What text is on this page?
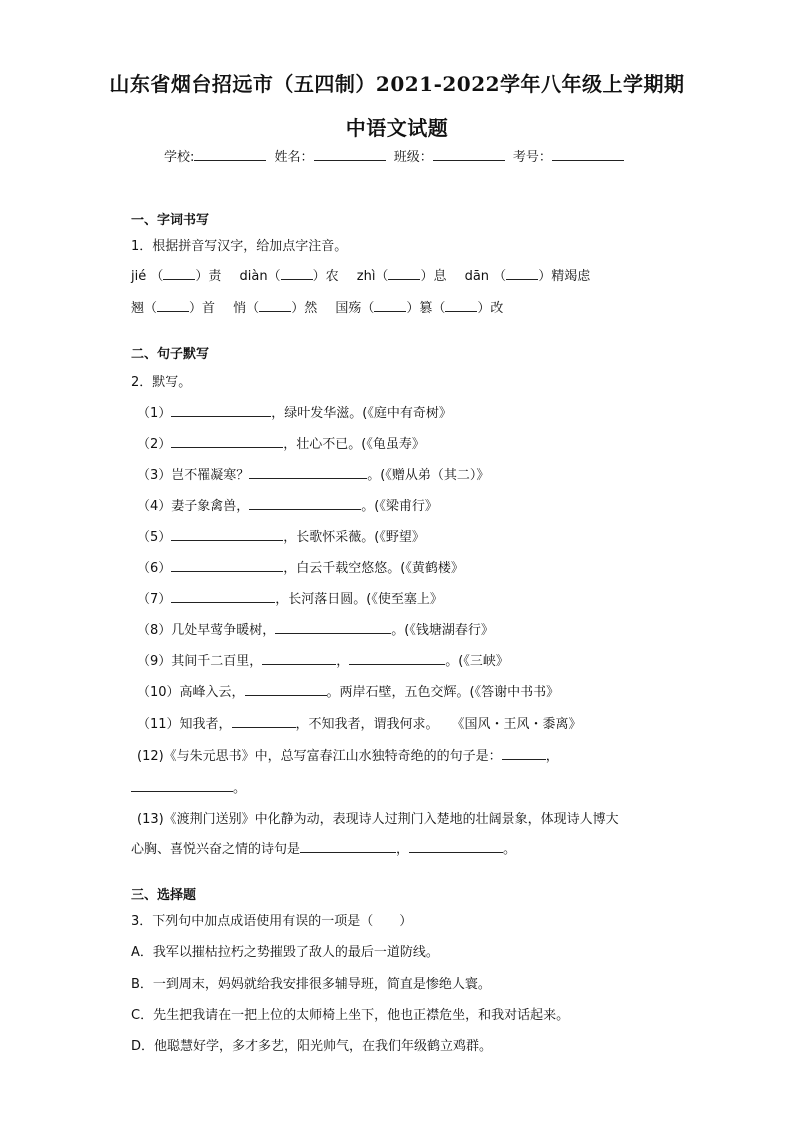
山东省烟台招远市（五四制）2021-2022学年八年级上学期期
中语文试题
学校:	姓名：	班级：	考号：
一、字词书写
1．根据拼音写汉字，给加点字注音。
jié （ ）责 diàn（ ）农 zhì（ ）息 dān （ ）精竭虑
翘（ ）首 悄（ ）然 国殇（ ）篡（ ）改
二、句子默写
2．默写。
（1）	，绿叶发华滋。(《庭中有奇树》
（2）	，壮心不已。(《龟虽寿》
（3）岂不罹凝寒？	。(《赠从弟（其二）》
（4）妻子象禽兽，	。(《梁甫行》
（5）	，长歌怀采薇。(《野望》
（6）	，白云千载空悠悠。(《黄鹤楼》
（7）	，长河落日圆。(《使至塞上》
（8）几处早莺争暖树，	。(《钱塘湖春行》
（9）其间千二百里，	，	。(《三峡》
（10）高峰入云，	。两岸石壁，五色交辉。(《答谢中书书》
（11）知我者，	，不知我者，谓我何求。　　《国风・王风・黍离》
(12)《与朱元思书》中，总写富春江山水独特奇绝的的句子是：	，
。
(13)《渡荆门送别》中化静为动，表现诗人过荆门入楚地的壮阔景象，体现诗人博大
心胸、喜悦兴奋之情的诗句是	，	。
三、选择题
3．下列句中加点成语使用有误的一项是（　　）
A．我军以摧枯拉朽之势摧毁了敌人的最后一道防线。
B．一到周末，妈妈就给我安排很多辅导班，简直是惨绝人寰。
C．先生把我请在一把上位的太师椅上坐下，他也正襟危坐，和我对话起来。
D．他聪慧好学，多才多艺，阳光帅气，在我们年级鹤立鸡群。
